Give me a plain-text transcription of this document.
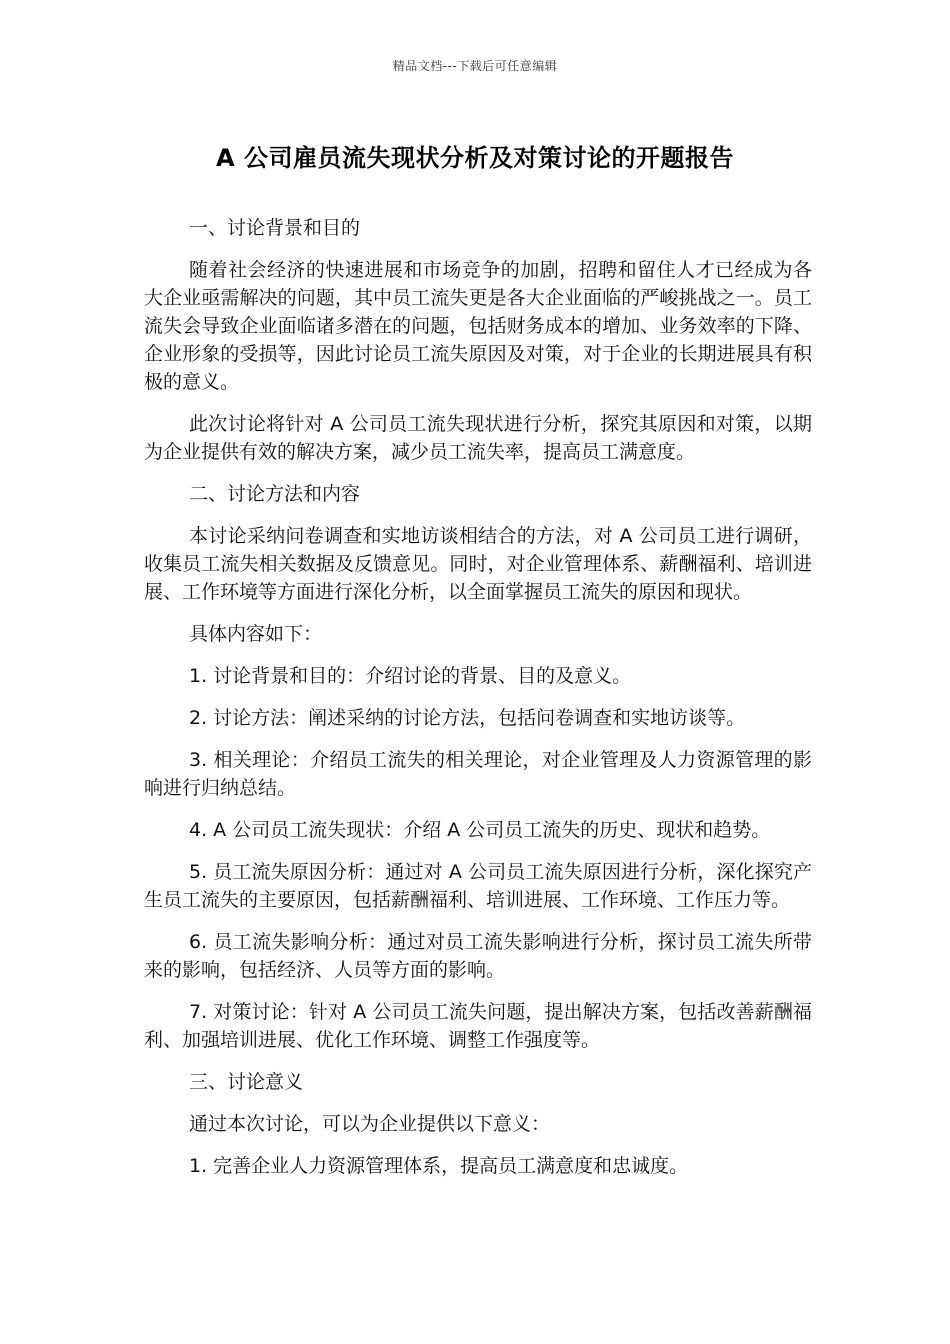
精品文档---下载后可任意编辑
A 公司雇员流失现状分析及对策讨论的开题报告

一、讨论背景和目的

随着社会经济的快速进展和市场竞争的加剧，招聘和留住人才已经成为各大企业亟需解决的问题，其中员工流失更是各大企业面临的严峻挑战之一。员工流失会导致企业面临诸多潜在的问题，包括财务成本的增加、业务效率的下降、企业形象的受损等，因此讨论员工流失原因及对策，对于企业的长期进展具有积极的意义。

此次讨论将针对 A 公司员工流失现状进行分析，探究其原因和对策，以期为企业提供有效的解决方案，减少员工流失率，提高员工满意度。

二、讨论方法和内容

本讨论采纳问卷调查和实地访谈相结合的方法，对 A 公司员工进行调研，收集员工流失相关数据及反馈意见。同时，对企业管理体系、薪酬福利、培训进展、工作环境等方面进行深化分析，以全面掌握员工流失的原因和现状。

具体内容如下：

1. 讨论背景和目的：介绍讨论的背景、目的及意义。

2. 讨论方法：阐述采纳的讨论方法，包括问卷调查和实地访谈等。

3. 相关理论：介绍员工流失的相关理论，对企业管理及人力资源管理的影响进行归纳总结。

4. A 公司员工流失现状：介绍 A 公司员工流失的历史、现状和趋势。

5. 员工流失原因分析：通过对 A 公司员工流失原因进行分析，深化探究产生员工流失的主要原因，包括薪酬福利、培训进展、工作环境、工作压力等。

6. 员工流失影响分析：通过对员工流失影响进行分析，探讨员工流失所带来的影响，包括经济、人员等方面的影响。

7. 对策讨论：针对 A 公司员工流失问题，提出解决方案，包括改善薪酬福利、加强培训进展、优化工作环境、调整工作强度等。

三、讨论意义

通过本次讨论，可以为企业提供以下意义：

1. 完善企业人力资源管理体系，提高员工满意度和忠诚度。
